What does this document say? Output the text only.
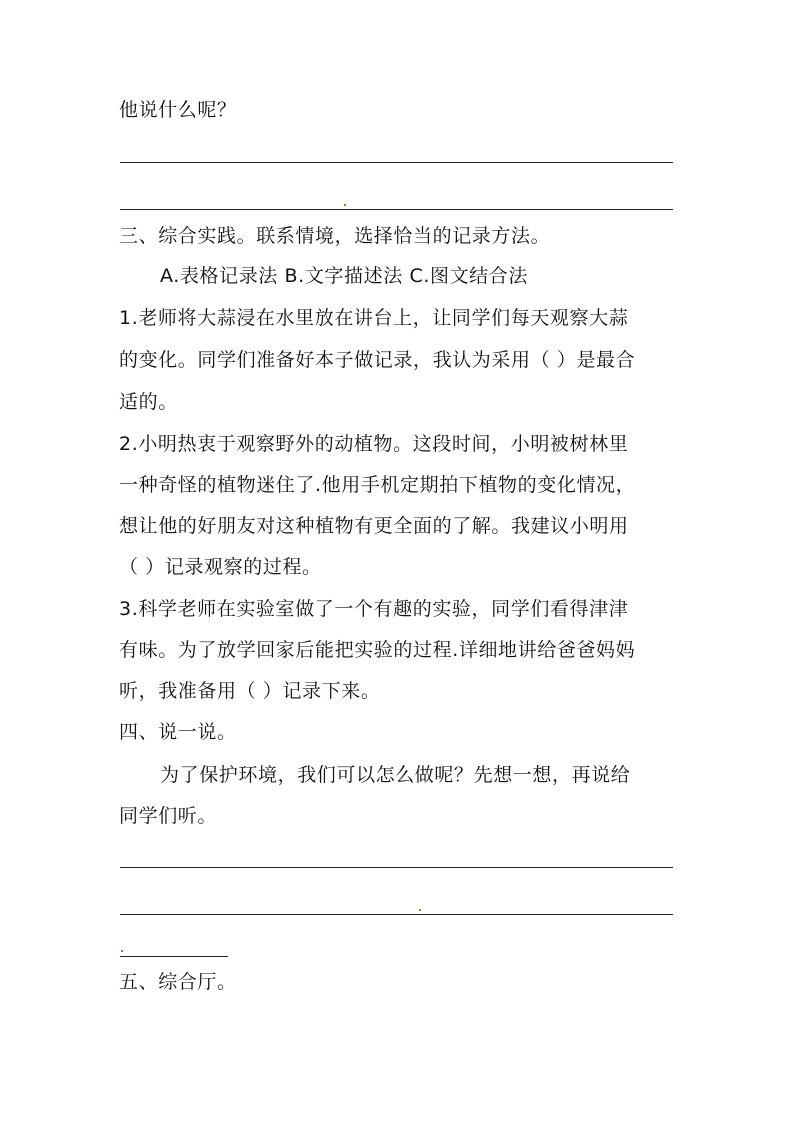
他说什么呢？
三、综合实践。联系情境，选择恰当的记录方法。
A.表格记录法 B.文字描述法 C.图文结合法
1.老师将大蒜浸在水里放在讲台上，让同学们每天观察大蒜
的变化。同学们准备好本子做记录，我认为采用（ ）是最合
适的。
2.小明热衷于观察野外的动植物。这段时间，小明被树林里
一种奇怪的植物迷住了.他用手机定期拍下植物的变化情况，
想让他的好朋友对这种植物有更全面的了解。我建议小明用
（ ）记录观察的过程。
3.科学老师在实验室做了一个有趣的实验，同学们看得津津
有味。为了放学回家后能把实验的过程.详细地讲给爸爸妈妈
听，我准备用（ ）记录下来。
四、说一说。
为了保护环境，我们可以怎么做呢？先想一想，再说给
同学们听。
五、综合厅。
